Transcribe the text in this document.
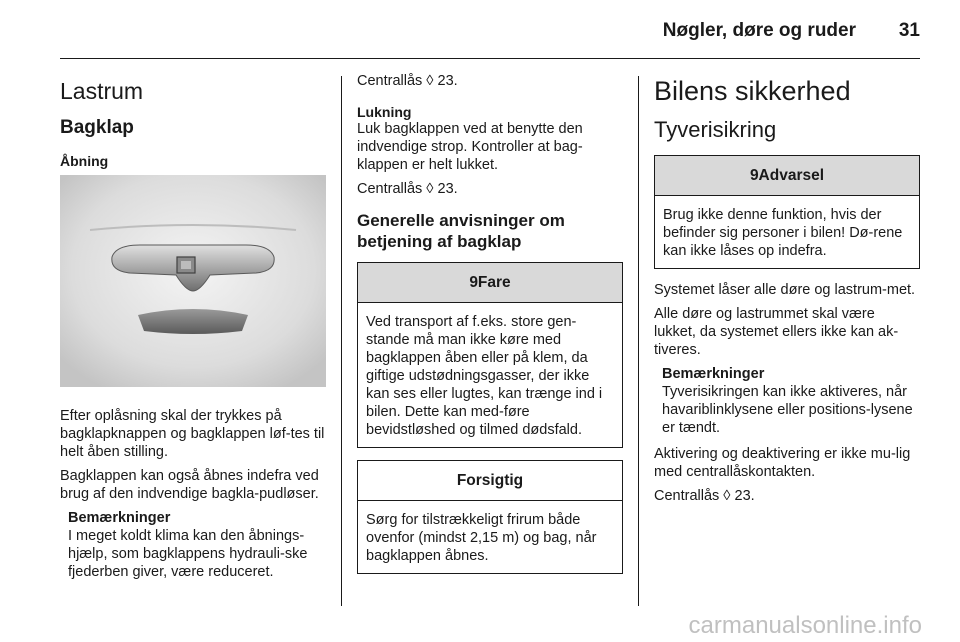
Nøgler, døre og ruder 31
Lastrum
Bagklap
Åbning

Efter oplåsning skal der trykkes på bagklapknappen og bagklappen løf-tes til helt åben stilling.

Bagklappen kan også åbnes indefra ved brug af den indvendige bagkla-pudløser.

Bemærkninger

I meget koldt klima kan den åbnings-hjælp, som bagklappens hydrauli-ske fjederben giver, være reduceret.

Centrallås ◊ 23.

Lukning

Luk bagklappen ved at benytte den indvendige strop. Kontroller at bag-klappen er helt lukket.

Centrallås ◊ 23.

Generelle anvisninger om betjening af bagklap
9Fare

Ved transport af f.eks. store gen-stande må man ikke køre med bagklappen åben eller på klem, da giftige udstødningsgasser, der ikke kan ses eller lugtes, kan trænge ind i bilen. Dette kan med-føre bevidstløshed og tilmed dødsfald.

Forsigtig

Sørg for tilstrækkeligt frirum både ovenfor (mindst 2,15 m) og bag, når bagklappen åbnes.

Bilens sikkerhed
Tyverisikring
9Advarsel

Brug ikke denne funktion, hvis der befinder sig personer i bilen! Dø-rene kan ikke låses op indefra.

Systemet låser alle døre og lastrum-met.

Alle døre og lastrummet skal være lukket, da systemet ellers ikke kan ak-tiveres.

Bemærkninger

Tyverisikringen kan ikke aktiveres, når havariblinklysene eller positions-lysene er tændt.

Aktivering og deaktivering er ikke mu-lig med centrallåskontakten.

Centrallås ◊ 23.

carmanualsonline.info
